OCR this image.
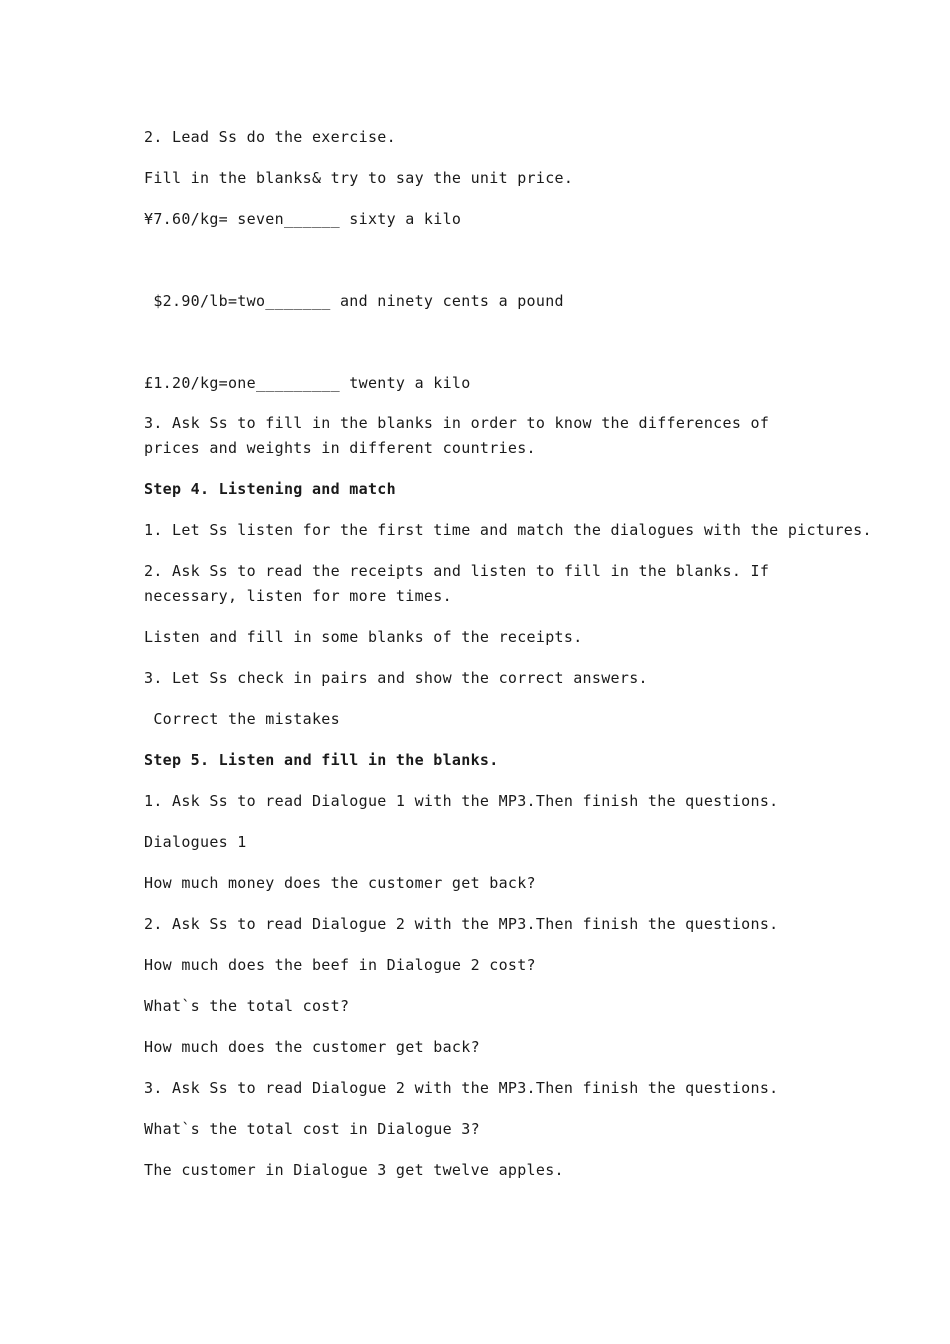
2. Lead Ss do the exercise.
Fill in the blanks& try to say the unit price.
¥7.60/kg= seven______ sixty a kilo
$2.90/lb=two_______ and ninety cents a pound
£1.20/kg=one_________ twenty a kilo
3. Ask Ss to fill in the blanks in order to know the differences of prices and weights in different countries.
Step 4. Listening and match
1. Let Ss listen for the first time and match the dialogues with the pictures.
2. Ask Ss to read the receipts and listen to fill in the blanks. If necessary, listen for more times.
Listen and fill in some blanks of the receipts.
3. Let Ss check in pairs and show the correct answers.
Correct the mistakes
Step 5. Listen and fill in the blanks.
1. Ask Ss to read Dialogue 1 with the MP3.Then finish the questions.
Dialogues 1
How much money does the customer get back?
2. Ask Ss to read Dialogue 2 with the MP3.Then finish the questions.
How much does the beef in Dialogue 2 cost?
What`s the total cost?
How much does the customer get back?
3. Ask Ss to read Dialogue 2 with the MP3.Then finish the questions.
What`s the total cost in Dialogue 3?
The customer in Dialogue 3 get twelve apples.
